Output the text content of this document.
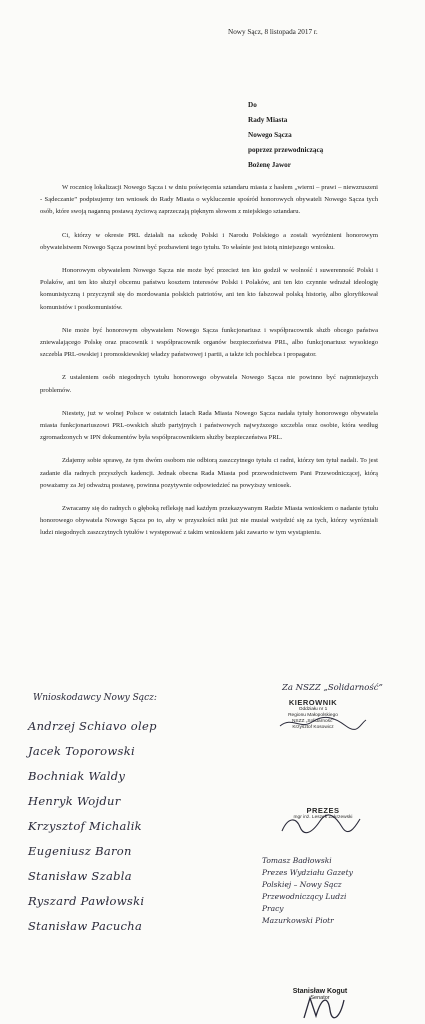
Nowy Sącz, 8 listopada 2017 r.
Do
Rady Miasta
Nowego Sącza
poprzez przewodniczącą
Bożenę Jawor

W rocznicę lokalizacji Nowego Sącza i w dniu poświęcenia sztandaru miasta z hasłem „wierni – prawi – niewzruszeni - Sądeczanie” podpisujemy ten wniosek do Rady Miasta o wykluczenie spośród honorowych obywateli Nowego Sącza tych osób, które swoją naganną postawą życiową zaprzeczają pięknym słowom z miejskiego sztandaru.

Ci, którzy w okresie PRL działali na szkodę Polski i Narodu Polskiego a zostali wyróżnieni honorowym obywatelstwem Nowego Sącza powinni być pozbawieni tego tytułu. To właśnie jest istotą niniejszego wniosku.

Honorowym obywatelem Nowego Sącza nie może być przecież ten kto godził w wolność i suwerenność Polski i Polaków, ani ten kto służył obcemu państwu kosztem interesów Polski i Polaków, ani ten kto czynnie wdrażał ideologię komunistyczną i przyczynił się do mordowania polskich patriotów, ani ten kto fałszował polską historię, albo gloryfikował komunistów i postkomunistów.

Nie może być honorowym obywatelem Nowego Sącza funkcjonariusz i współpracownik służb obcego państwa zniewalającego Polskę oraz pracownik i współpracownik organów bezpieczeństwa PRL, albo funkcjonariusz wysokiego szczebla PRL-owskiej i promoskiewskiej władzy państwowej i partii, a także ich pochlebca i propagator.

Z ustaleniem osób niegodnych tytułu honorowego obywatela Nowego Sącza nie powinno być najmniejszych problemów.

Niestety, już w wolnej Polsce w ostatnich latach Rada Miasta Nowego Sącza nadała tytuły honorowego obywatela miasta funkcjonariuszowi PRL-owskich służb partyjnych i państwowych najwyższego szczebla oraz osobie, która według zgromadzonych w IPN dokumentów była współpracownikiem służby bezpieczeństwa PRL.

Zdajemy sobie sprawę, że tym dwóm osobom nie odbiorą zaszczytnego tytułu ci radni, którzy ten tytuł nadali. To jest zadanie dla radnych przyszłych kadencji. Jednak obecna Rada Miasta pod przewodnictwem Pani Przewodniczącej, którą poważamy za Jej odważną postawę, powinna pozytywnie odpowiedzieć na powyższy wniosek.

Zwracamy się do radnych o głęboką refleksję nad każdym przekazywanym Radzie Miasta wnioskiem o nadanie tytułu honorowego obywatela Nowego Sącza po to, aby w przyszłości nikt już nie musiał wstydzić się za tych, którzy wyróżniali ludzi niegodnych zaszczytnych tytułów i występować z takim wnioskiem jaki zawarto w tym wystąpieniu.

Wnioskodawcy Nowy Sącz:
Andrzej Schiavo olep
Jacek Toporowski
Bochniak Waldy
Henryk Wojdur
Krzysztof Michalik
Eugeniusz Baron
Stanisław Szabla
Ryszard Pawłowski
Stanisław Pacucha
Za NSZZ „Solidarność”
KIEROWNIK
Oddziału nr 1
Regionu Małopolskiego
NSZZ „Solidarność”
Krzysztof Kosowicz
PREZES
mgr inż. Leszek Zakrzewski
Tomasz Badłowski
Prezes Wydziału Gazety
Polskiej – Nowy Sącz
Przewodniczący Ludzi
Pracy
Mazurkowski Piotr
Stanisław Kogut
Senator
